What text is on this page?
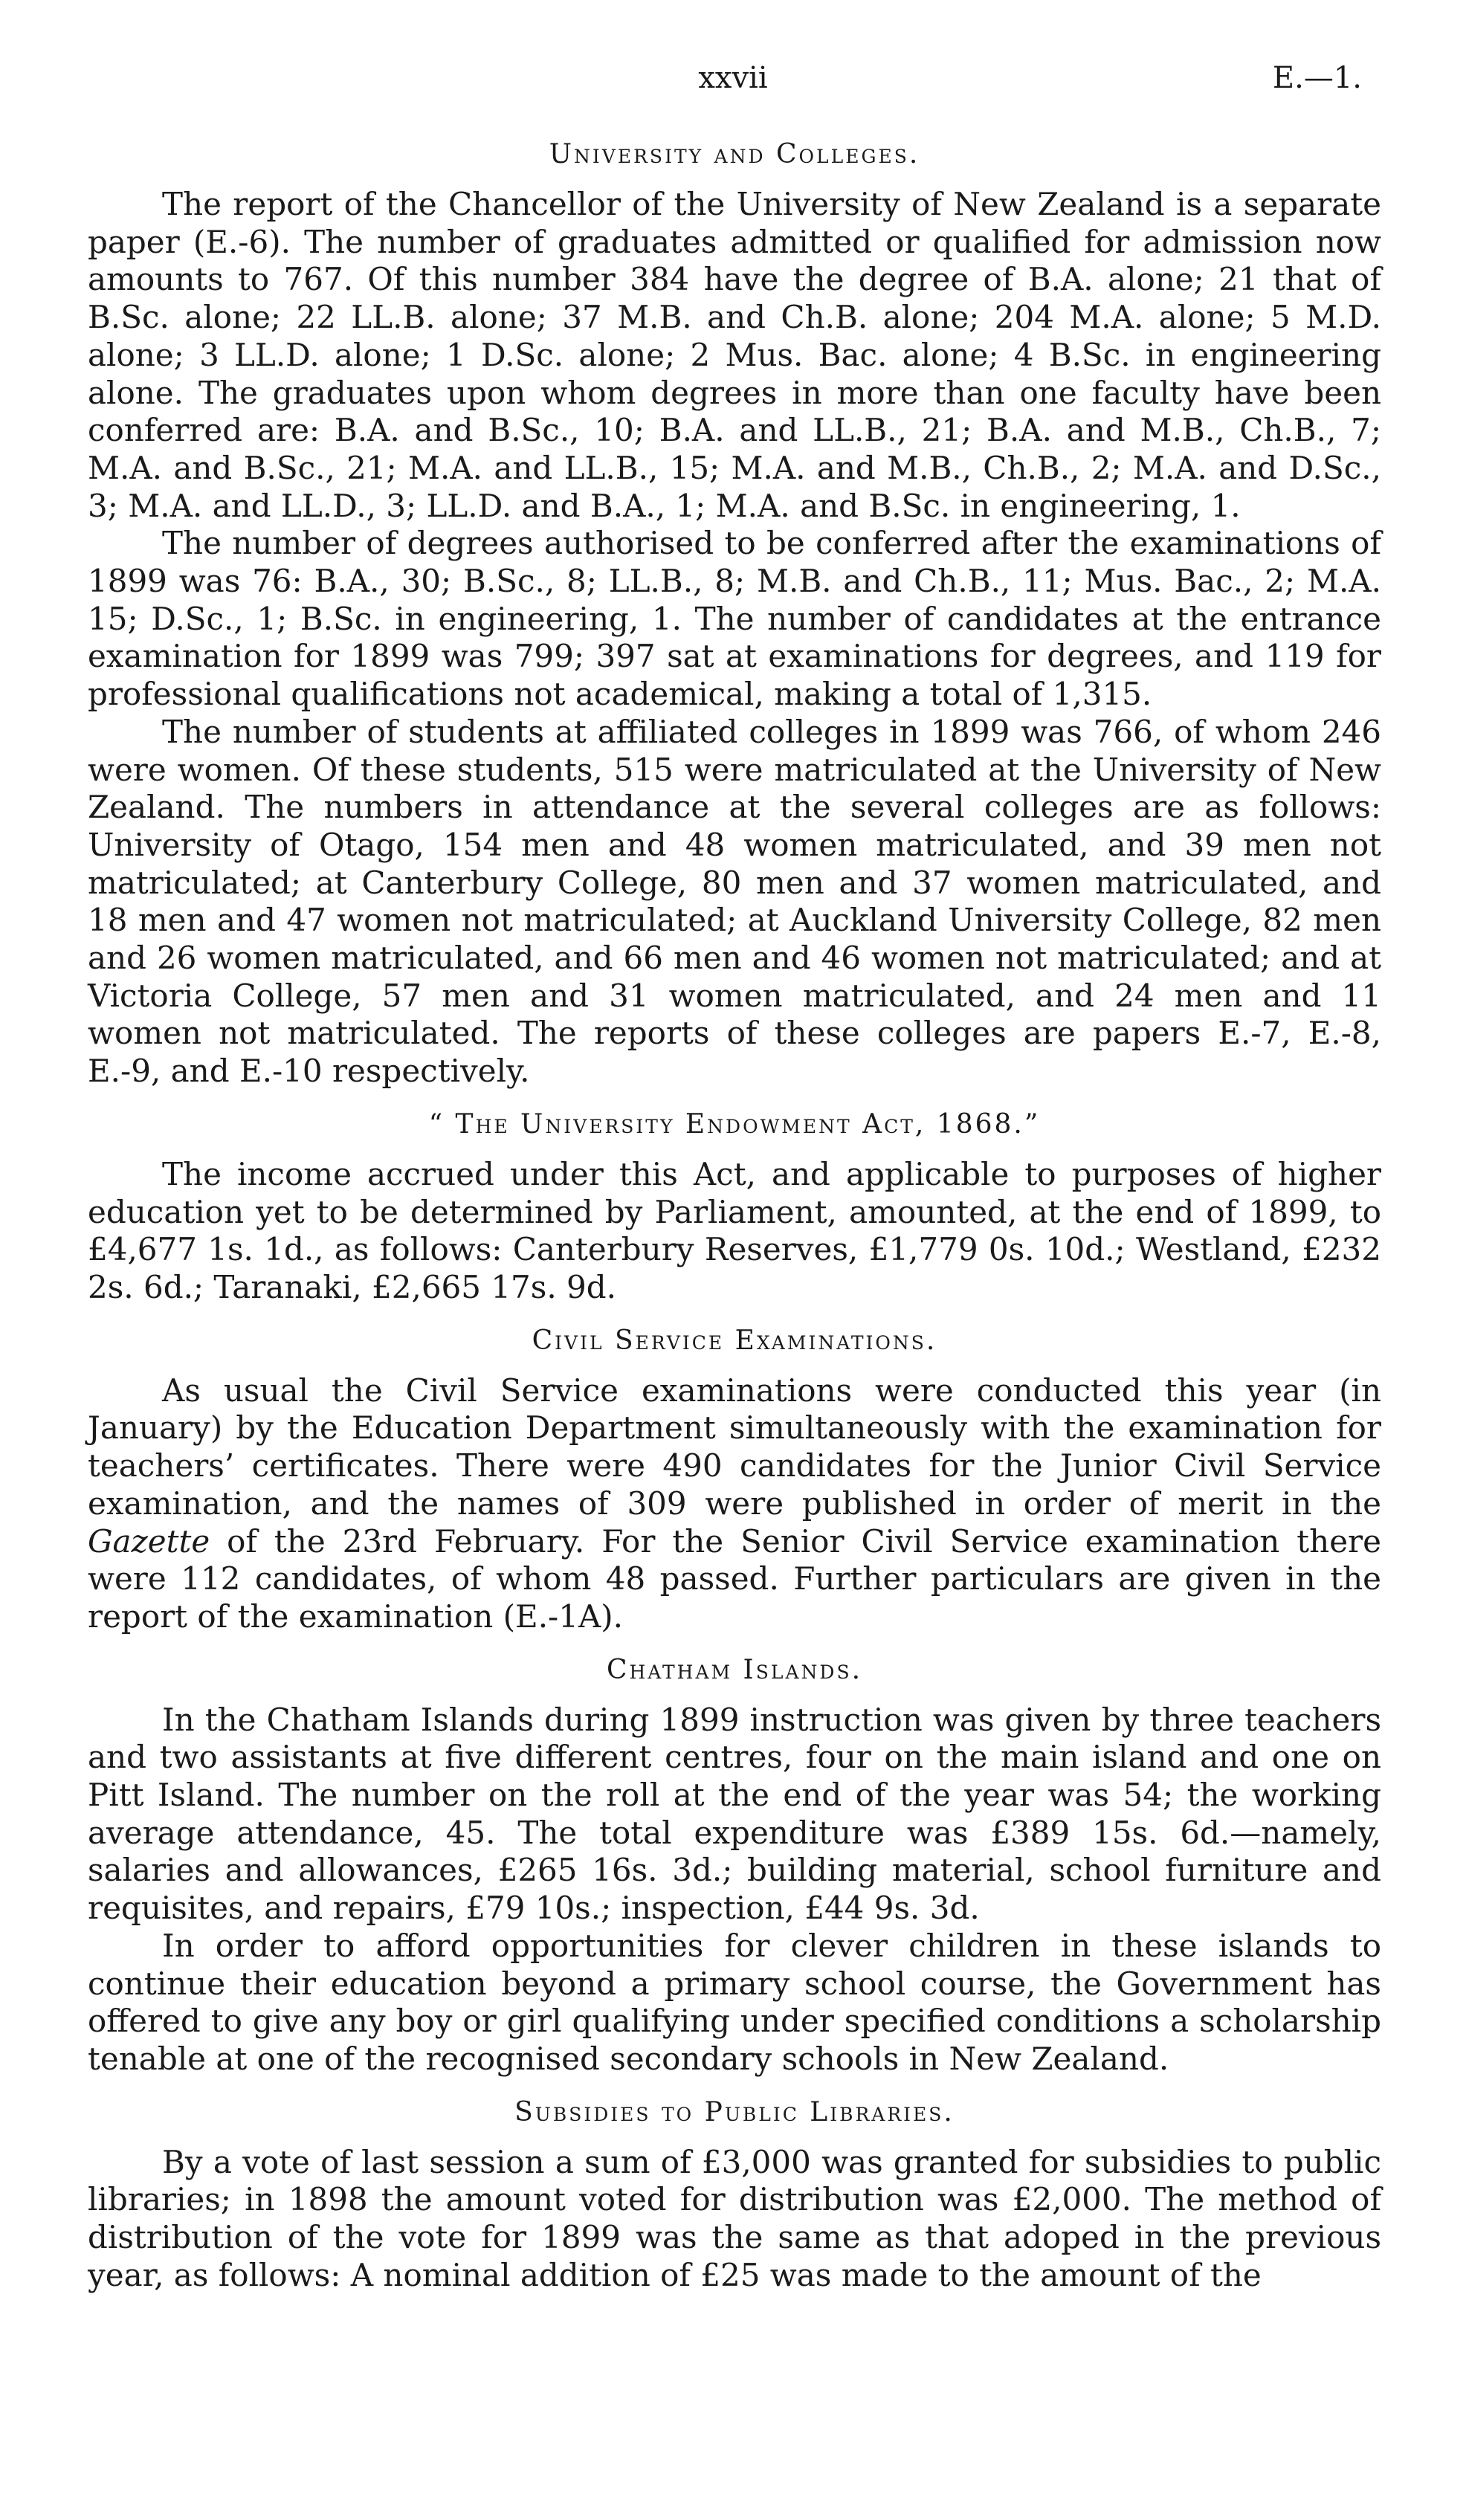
xxvii	E.—1.
University and Colleges.

The report of the Chancellor of the University of New Zealand is a separate paper (E.-6). The number of graduates admitted or qualified for admission now amounts to 767. Of this number 384 have the degree of B.A. alone; 21 that of B.Sc. alone; 22 LL.B. alone; 37 M.B. and Ch.B. alone; 204 M.A. alone; 5 M.D. alone; 3 LL.D. alone; 1 D.Sc. alone; 2 Mus. Bac. alone; 4 B.Sc. in engineering alone. The graduates upon whom degrees in more than one faculty have been conferred are: B.A. and B.Sc., 10; B.A. and LL.B., 21; B.A. and M.B., Ch.B., 7; M.A. and B.Sc., 21; M.A. and LL.B., 15; M.A. and M.B., Ch.B., 2; M.A. and D.Sc., 3; M.A. and LL.D., 3; LL.D. and B.A., 1; M.A. and B.Sc. in engineering, 1.

The number of degrees authorised to be conferred after the examinations of 1899 was 76: B.A., 30; B.Sc., 8; LL.B., 8; M.B. and Ch.B., 11; Mus. Bac., 2; M.A. 15; D.Sc., 1; B.Sc. in engineering, 1. The number of candidates at the entrance examination for 1899 was 799; 397 sat at examinations for degrees, and 119 for professional qualifications not academical, making a total of 1,315.

The number of students at affiliated colleges in 1899 was 766, of whom 246 were women. Of these students, 515 were matriculated at the University of New Zealand. The numbers in attendance at the several colleges are as follows: University of Otago, 154 men and 48 women matriculated, and 39 men not matriculated; at Canterbury College, 80 men and 37 women matriculated, and 18 men and 47 women not matriculated; at Auckland University College, 82 men and 26 women matriculated, and 66 men and 46 women not matriculated; and at Victoria College, 57 men and 31 women matriculated, and 24 men and 11 women not matriculated. The reports of these colleges are papers E.-7, E.-8, E.-9, and E.-10 respectively.

“ The University Endowment Act, 1868.”

The income accrued under this Act, and applicable to purposes of higher education yet to be determined by Parliament, amounted, at the end of 1899, to £4,677 1s. 1d., as follows: Canterbury Reserves, £1,779 0s. 10d.; Westland, £232 2s. 6d.; Taranaki, £2,665 17s. 9d.

Civil Service Examinations.

As usual the Civil Service examinations were conducted this year (in January) by the Education Department simultaneously with the examination for teachers’ certificates. There were 490 candidates for the Junior Civil Service examination, and the names of 309 were published in order of merit in the Gazette of the 23rd February. For the Senior Civil Service examination there were 112 candidates, of whom 48 passed. Further particulars are given in the report of the examination (E.-1A).

Chatham Islands.

In the Chatham Islands during 1899 instruction was given by three teachers and two assistants at five different centres, four on the main island and one on Pitt Island. The number on the roll at the end of the year was 54; the working average attendance, 45. The total expenditure was £389 15s. 6d.—namely, salaries and allowances, £265 16s. 3d.; building material, school furniture and requisites, and repairs, £79 10s.; inspection, £44 9s. 3d.

In order to afford opportunities for clever children in these islands to continue their education beyond a primary school course, the Government has offered to give any boy or girl qualifying under specified conditions a scholarship tenable at one of the recognised secondary schools in New Zealand.

Subsidies to Public Libraries.

By a vote of last session a sum of £3,000 was granted for subsidies to public libraries; in 1898 the amount voted for distribution was £2,000. The method of distribution of the vote for 1899 was the same as that adoped in the previous year, as follows: A nominal addition of £25 was made to the amount of the
